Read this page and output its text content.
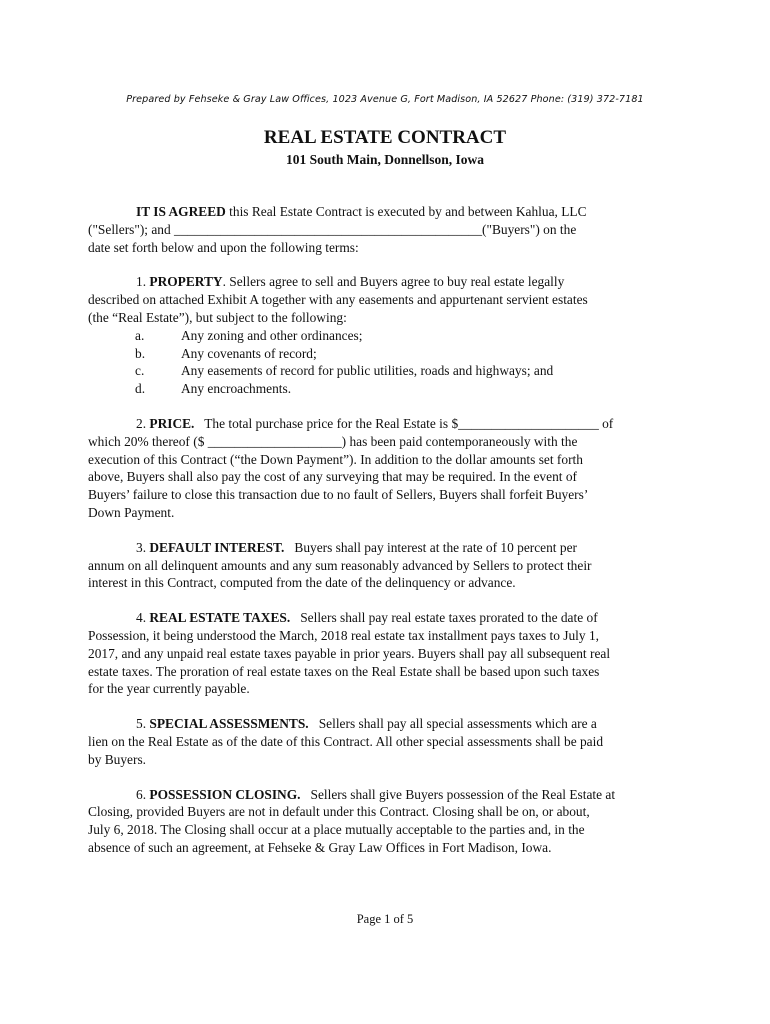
Prepared by Fehseke & Gray Law Offices, 1023 Avenue G, Fort Madison, IA 52627 Phone: (319) 372-7181
REAL ESTATE CONTRACT
101 South Main, Donnellson, Iowa

IT IS AGREED this Real Estate Contract is executed by and between Kahlua, LLC
("Sellers"); and ______________________________________________("Buyers") on the
date set forth below and upon the following terms:

1. PROPERTY. Sellers agree to sell and Buyers agree to buy real estate legally
described on attached Exhibit A together with any easements and appurtenant servient estates
(the “Real Estate”), but subject to the following:

a.	Any zoning and other ordinances;
b.	Any covenants of record;
c.	Any easements of record for public utilities, roads and highways; and
d.	Any encroachments.

2. PRICE.   The total purchase price for the Real Estate is $_____________________ of
which 20% thereof ($ ____________________) has been paid contemporaneously with the
execution of this Contract (“the Down Payment”). In addition to the dollar amounts set forth
above, Buyers shall also pay the cost of any surveying that may be required. In the event of
Buyers’ failure to close this transaction due to no fault of Sellers, Buyers shall forfeit Buyers’
Down Payment.

3. DEFAULT INTEREST.   Buyers shall pay interest at the rate of 10 percent per
annum on all delinquent amounts and any sum reasonably advanced by Sellers to protect their
interest in this Contract, computed from the date of the delinquency or advance.

4. REAL ESTATE TAXES.   Sellers shall pay real estate taxes prorated to the date of
Possession, it being understood the March, 2018 real estate tax installment pays taxes to July 1,
2017, and any unpaid real estate taxes payable in prior years. Buyers shall pay all subsequent real
estate taxes. The proration of real estate taxes on the Real Estate shall be based upon such taxes
for the year currently payable.

5. SPECIAL ASSESSMENTS.   Sellers shall pay all special assessments which are a
lien on the Real Estate as of the date of this Contract. All other special assessments shall be paid
by Buyers.

6. POSSESSION CLOSING.   Sellers shall give Buyers possession of the Real Estate at
Closing, provided Buyers are not in default under this Contract. Closing shall be on, or about,
July 6, 2018. The Closing shall occur at a place mutually acceptable to the parties and, in the
absence of such an agreement, at Fehseke & Gray Law Offices in Fort Madison, Iowa.

Page 1 of 5
